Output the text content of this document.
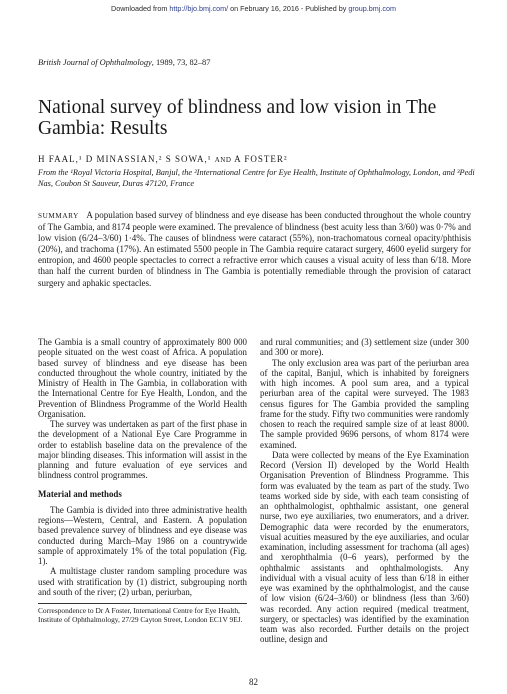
Downloaded from http://bjo.bmj.com/ on February 16, 2016 - Published by group.bmj.com
British Journal of Ophthalmology, 1989, 73, 82–87
National survey of blindness and low vision in The Gambia: Results
H FAAL,¹ D MINASSIAN,² S SOWA,¹ AND A FOSTER²
From the ¹Royal Victoria Hospital, Banjul, the ²International Centre for Eye Health, Institute of Ophthalmology, London, and ³Pedi Nas, Coubon St Sauveur, Duras 47120, France
SUMMARY A population based survey of blindness and eye disease has been conducted throughout the whole country of The Gambia, and 8174 people were examined. The prevalence of blindness (best acuity less than 3/60) was 0·7% and low vision (6/24–3/60) 1·4%. The causes of blindness were cataract (55%), non-trachomatous corneal opacity/phthisis (20%), and trachoma (17%). An estimated 5500 people in The Gambia require cataract surgery, 4600 eyelid surgery for entropion, and 4600 people spectacles to correct a refractive error which causes a visual acuity of less than 6/18. More than half the current burden of blindness in The Gambia is potentially remediable through the provision of cataract surgery and aphakic spectacles.

The Gambia is a small country of approximately 800 000 people situated on the west coast of Africa. A population based survey of blindness and eye disease has been conducted throughout the whole country, initiated by the Ministry of Health in The Gambia, in collaboration with the International Centre for Eye Health, London, and the Prevention of Blindness Programme of the World Health Organisation.

The survey was undertaken as part of the first phase in the development of a National Eye Care Programme in order to establish baseline data on the prevalence of the major blinding diseases. This information will assist in the planning and future evaluation of eye services and blindness control programmes.

Material and methods

The Gambia is divided into three administrative health regions—Western, Central, and Eastern. A population based prevalence survey of blindness and eye disease was conducted during March–May 1986 on a countrywide sample of approximately 1% of the total population (Fig. 1).

A multistage cluster random sampling procedure was used with stratification by (1) district, subgrouping north and south of the river; (2) urban, periurban,

Correspondence to Dr A Foster, International Centre for Eye Health, Institute of Ophthalmology, 27/29 Cayton Street, London EC1V 9EJ.

and rural communities; and (3) settlement size (under 300 and 300 or more).

The only exclusion area was part of the periurban area of the capital, Banjul, which is inhabited by foreigners with high incomes. A pool sum area, and a typical periurban area of the capital were surveyed. The 1983 census figures for The Gambia provided the sampling frame for the study. Fifty two communities were randomly chosen to reach the required sample size of at least 8000. The sample provided 9696 persons, of whom 8174 were examined.

Data were collected by means of the Eye Examination Record (Version II) developed by the World Health Organisation Prevention of Blindness Programme. This form was evaluated by the team as part of the study. Two teams worked side by side, with each team consisting of an ophthalmologist, ophthalmic assistant, one general nurse, two eye auxiliaries, two enumerators, and a driver. Demographic data were recorded by the enumerators, visual acuities measured by the eye auxiliaries, and ocular examination, including assessment for trachoma (all ages) and xerophthalmia (0–6 years), performed by the ophthalmic assistants and ophthalmologists. Any individual with a visual acuity of less than 6/18 in either eye was examined by the ophthalmologist, and the cause of low vision (6/24–3/60) or blindness (less than 3/60) was recorded. Any action required (medical treatment, surgery, or spectacles) was identified by the examination team was also recorded. Further details on the project outline, design and

82
